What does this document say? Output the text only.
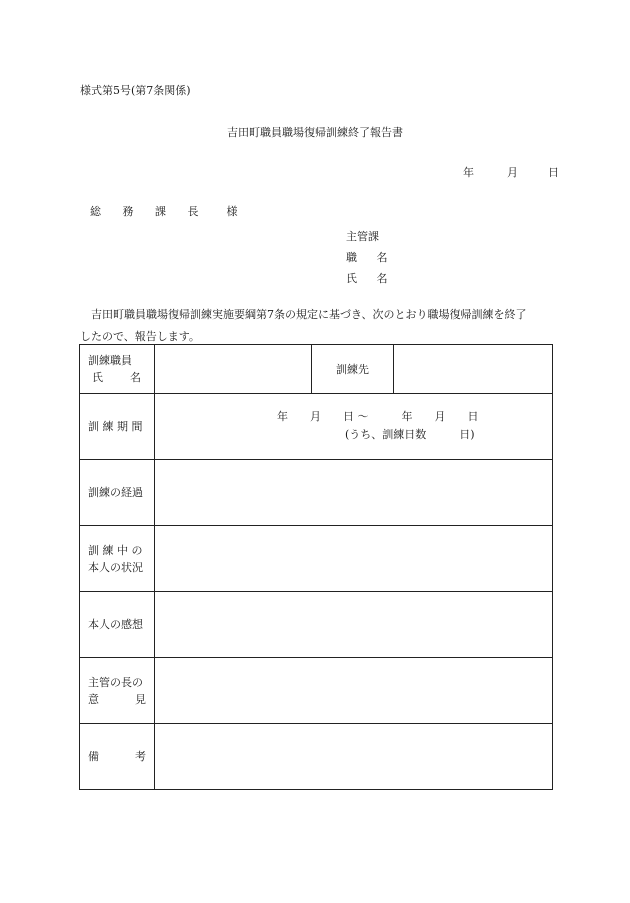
様式第5号(第7条関係)
吉田町職員職場復帰訓練終了報告書
年	月	日
総 務 課 長 様
主管課
職 名
氏 名
吉田町職員職場復帰訓練実施要綱第7条の規定に基づき、次のとおり職場復帰訓練を終了
したので、報告します。
訓練職員
氏 名		訓練先	
訓 練 期 間	年　　月　　日 ～　　　年　　月　　日
(うち、訓練日数　　　日)		

訓練の経過			

訓 練 中 の
本人の状況			

本人の感想			

主管の長の
意 見			

備 考			
